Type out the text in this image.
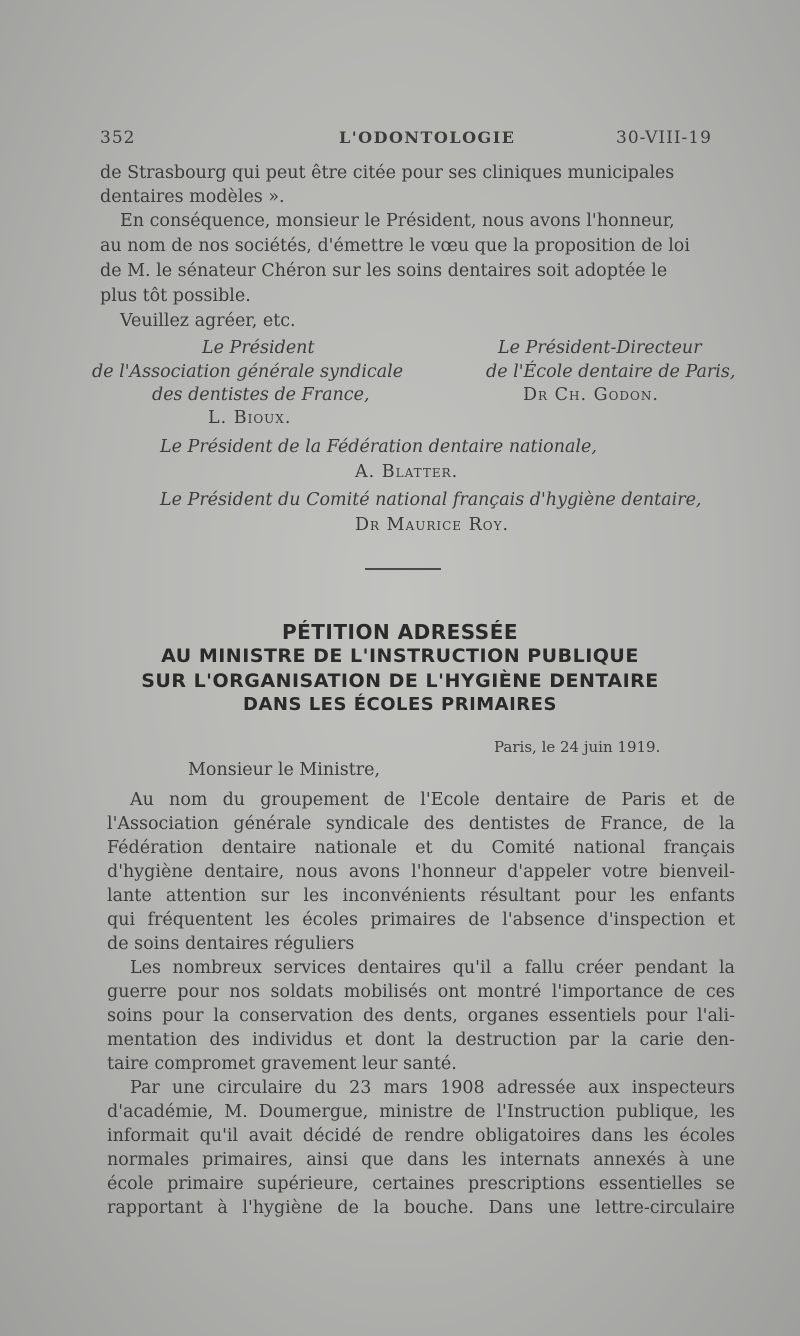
352	L'ODONTOLOGIE	30-VIII-19
de Strasbourg qui peut être citée pour ses cliniques municipales
dentaires modèles ».
En conséquence, monsieur le Président, nous avons l'honneur,
au nom de nos sociétés, d'émettre le vœu que la proposition de loi
de M. le sénateur Chéron sur les soins dentaires soit adoptée le
plus tôt possible.
Veuillez agréer, etc.
Le Président	Le Président-Directeur
de l'Association générale syndicale	de l'École dentaire de Paris,
des dentistes de France,	Dr Ch. Godon.
L. Bioux.
Le Président de la Fédération dentaire nationale,
A. Blatter.
Le Président du Comité national français d'hygiène dentaire,
Dr Maurice Roy.
PÉTITION ADRESSÉE
AU MINISTRE DE L'INSTRUCTION PUBLIQUE
SUR L'ORGANISATION DE L'HYGIÈNE DENTAIRE
DANS LES ÉCOLES PRIMAIRES
Paris, le 24 juin 1919.
Monsieur le Ministre,
Au nom du groupement de l'Ecole dentaire de Paris et de
l'Association générale syndicale des dentistes de France, de la
Fédération dentaire nationale et du Comité national français
d'hygiène dentaire, nous avons l'honneur d'appeler votre bienveil-
lante attention sur les inconvénients résultant pour les enfants
qui fréquentent les écoles primaires de l'absence d'inspection et
de soins dentaires réguliers
Les nombreux services dentaires qu'il a fallu créer pendant la
guerre pour nos soldats mobilisés ont montré l'importance de ces
soins pour la conservation des dents, organes essentiels pour l'ali-
mentation des individus et dont la destruction par la carie den-
taire compromet gravement leur santé.
Par une circulaire du 23 mars 1908 adressée aux inspecteurs
d'académie, M. Doumergue, ministre de l'Instruction publique, les
informait qu'il avait décidé de rendre obligatoires dans les écoles
normales primaires, ainsi que dans les internats annexés à une
école primaire supérieure, certaines prescriptions essentielles se
rapportant à l'hygiène de la bouche. Dans une lettre-circulaire
